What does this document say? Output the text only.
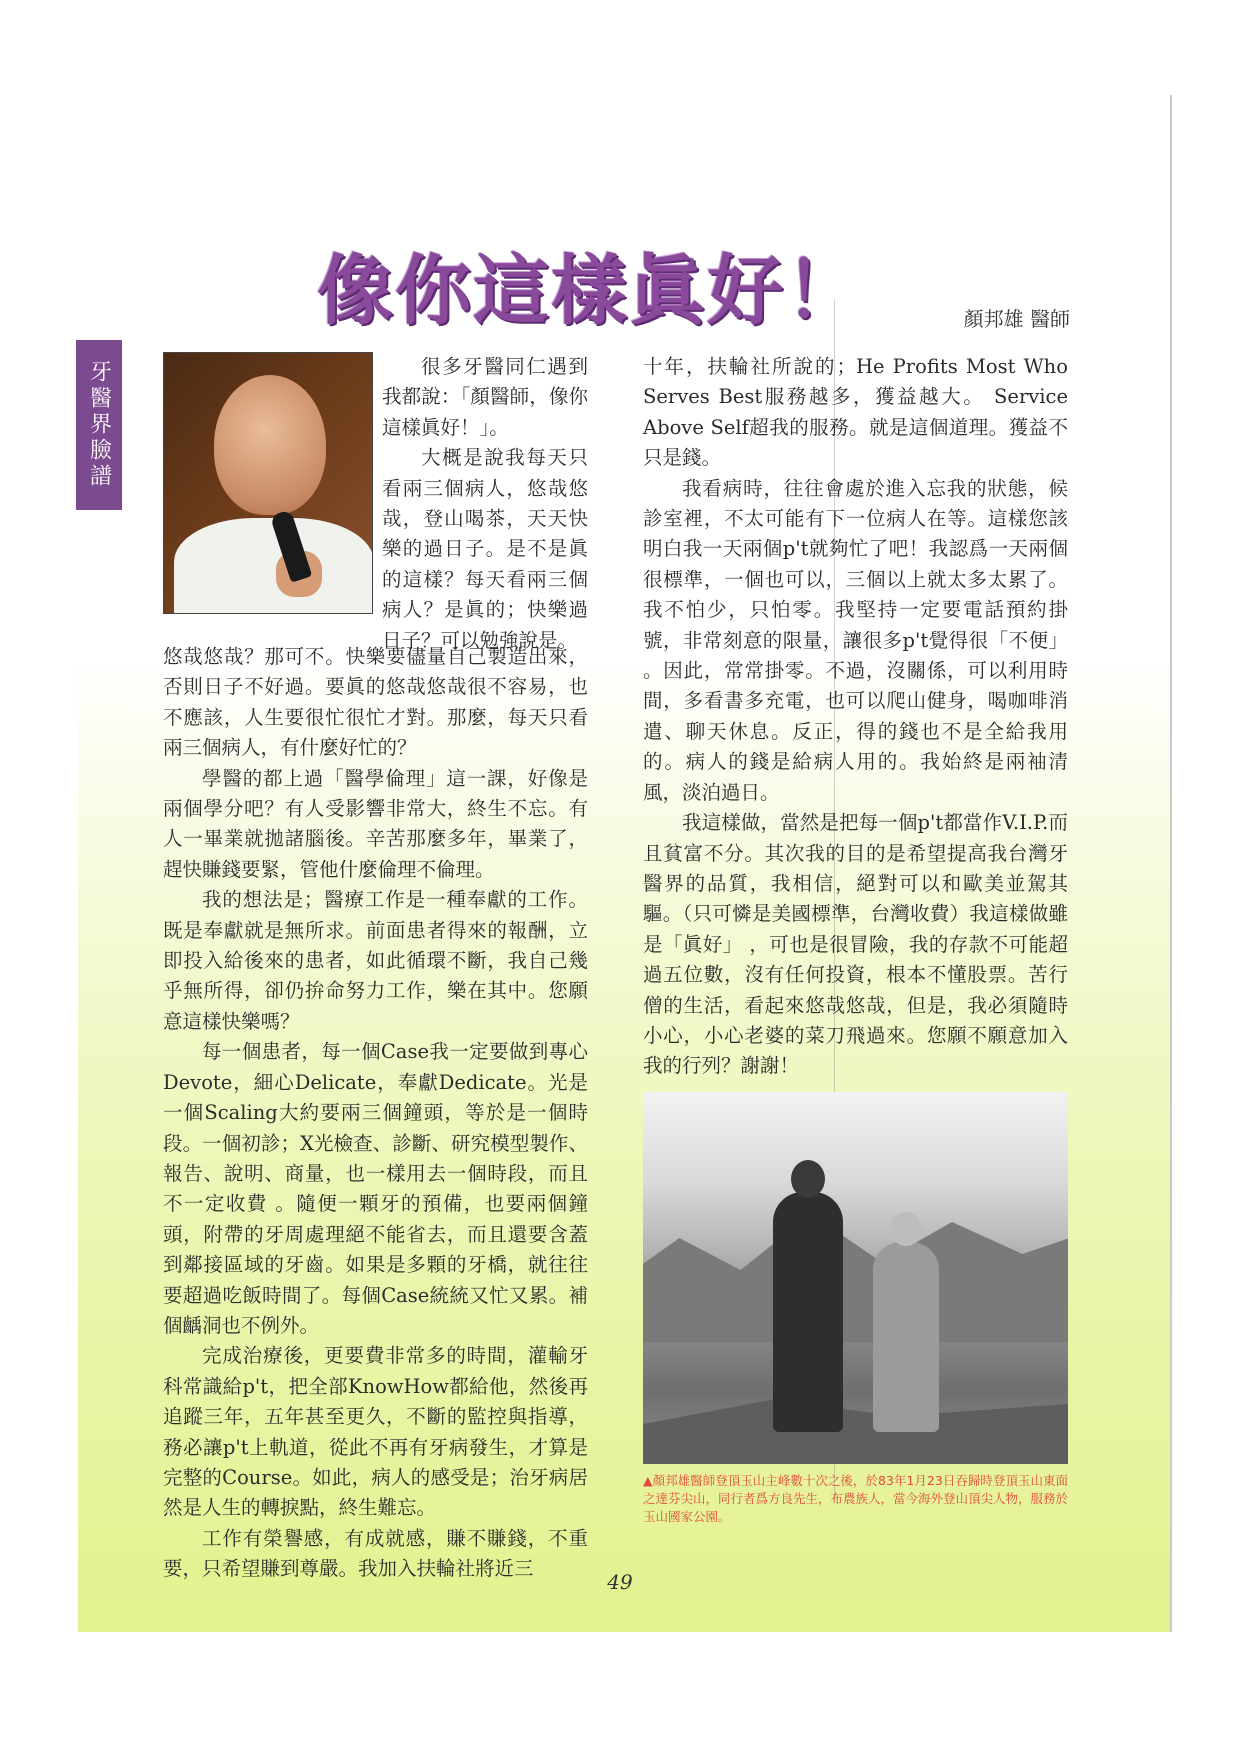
像你這樣眞好！	顏邦雄 醫師
牙醫界臉譜	很多牙醫同仁遇到我都說：「顏醫師，像你這樣眞好！」。

大概是說我每天只看兩三個病人，悠哉悠哉，登山喝茶，天天快樂的過日子。是不是眞的這樣？每天看兩三個病人？是眞的；快樂過日子？可以勉強說是。

悠哉悠哉？那可不。快樂要儘量自己製造出來，否則日子不好過。要眞的悠哉悠哉很不容易，也不應該，人生要很忙很忙才對。那麼，每天只看兩三個病人，有什麼好忙的？

學醫的都上過「醫學倫理」這一課，好像是兩個學分吧？有人受影響非常大，終生不忘。有人一畢業就拋諸腦後。辛苦那麼多年，畢業了，趕快賺錢要緊，管他什麼倫理不倫理。

我的想法是；醫療工作是一種奉獻的工作。既是奉獻就是無所求。前面患者得來的報酬，立即投入給後來的患者，如此循環不斷，我自己幾乎無所得，卻仍拚命努力工作，樂在其中。您願意這樣快樂嗎？

每一個患者，每一個Case我一定要做到專心Devote，細心Delicate，奉獻Dedicate。光是一個Scaling大約要兩三個鐘頭，等於是一個時段。一個初診；X光檢查、診斷、研究模型製作、報告、說明、商量，也一樣用去一個時段，而且不一定收費 。隨便一顆牙的預備，也要兩個鐘頭，附帶的牙周處理絕不能省去，而且還要含蓋到鄰接區域的牙齒。如果是多顆的牙橋，就往往要超過吃飯時間了。每個Case統統又忙又累。補個齲洞也不例外。

完成治療後，更要費非常多的時間，灌輸牙科常識給p't，把全部KnowHow都給他，然後再追蹤三年，五年甚至更久，不斷的監控與指導，務必讓p't上軌道，從此不再有牙病發生，才算是完整的Course。如此，病人的感受是；治牙病居然是人生的轉捩點，終生難忘。

工作有榮譽感，有成就感，賺不賺錢，不重要，只希望賺到尊嚴。我加入扶輪社將近三

十年，扶輪社所說的；He Profits Most Who Serves Best服務越多，獲益越大。 Service Above Self超我的服務。就是這個道理。獲益不只是錢。

我看病時，往往會處於進入忘我的狀態，候診室裡，不太可能有下一位病人在等。這樣您該明白我一天兩個p't就夠忙了吧！我認爲一天兩個很標準，一個也可以，三個以上就太多太累了。我不怕少，只怕零。我堅持一定要電話預約掛號，非常刻意的限量，讓很多p't覺得很「不便」 。因此，常常掛零。不過，沒關係，可以利用時間，多看書多充電，也可以爬山健身，喝咖啡消遣、聊天休息。反正，得的錢也不是全給我用的。病人的錢是給病人用的。我始終是兩袖清風，淡泊過日。

我這樣做，當然是把每一個p't都當作V.I.P.而且貧富不分。其次我的目的是希望提高我台灣牙醫界的品質，我相信，絕對可以和歐美並駕其驅。（只可憐是美國標準，台灣收費）我這樣做雖是「眞好」 ，可也是很冒險，我的存款不可能超過五位數，沒有任何投資，根本不懂股票。苦行僧的生活，看起來悠哉悠哉，但是，我必須隨時小心，小心老婆的菜刀飛過來。您願不願意加入我的行列？謝謝！

▲顏邦雄醫師登頂玉山主峰數十次之後，於83年1月23日吞歸時登頂玉山東面之達芬尖山，同行者爲方良先生，布農族人，當今海外登山頂尖人物，服務於玉山國家公園。
49
